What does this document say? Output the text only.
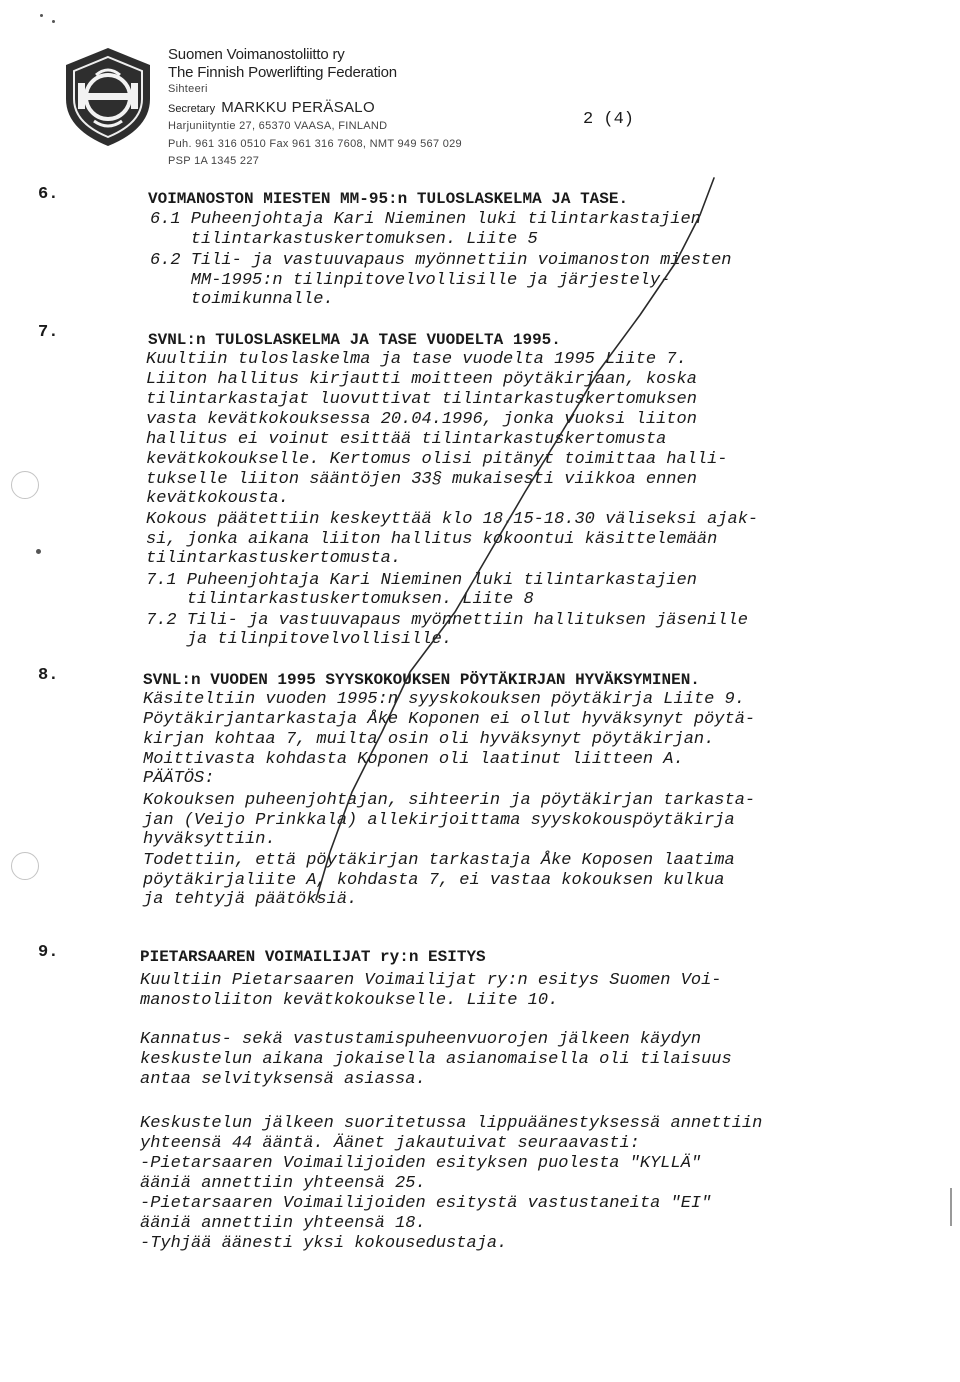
Suomen Voimanostoliitto ry
The Finnish Powerlifting Federation
Sihteeri
Secretary MARKKU PERÄSALO
Harjuniityntie 27, 65370 VAASA, FINLAND
Puh. 961 316 0510 Fax 961 316 7608, NMT 949 567 029
PSP 1A 1345 227
2 (4)
6.	VOIMANOSTON MIESTEN MM-95:n TULOSLASKELMA JA TASE.
6.1 Puheenjohtaja Kari Nieminen luki tilintarkastajien
tilintarkastuskertomuksen. Liite 5
6.2 Tili- ja vastuuvapaus myönnettiin voimanoston miesten
MM-1995:n tilinpitovelvollisille ja järjestely-
toimikunnalle.
7.	SVNL:n TULOSLASKELMA JA TASE VUODELTA 1995.
Kuultiin tuloslaskelma ja tase vuodelta 1995 Liite 7.
Liiton hallitus kirjautti moitteen pöytäkirjaan, koska
tilintarkastajat luovuttivat tilintarkastuskertomuksen
vasta kevätkokouksessa 20.04.1996, jonka vuoksi liiton
hallitus ei voinut esittää tilintarkastuskertomusta
kevätkokoukselle. Kertomus olisi pitänyt toimittaa halli-
tukselle liiton sääntöjen 33§ mukaisesti viikkoa ennen
kevätkokousta.
Kokous päätettiin keskeyttää klo 18.15-18.30 väliseksi ajak-
si, jonka aikana liiton hallitus kokoontui käsittelemään
tilintarkastuskertomusta.
7.1 Puheenjohtaja Kari Nieminen luki tilintarkastajien
tilintarkastuskertomuksen. Liite 8
7.2 Tili- ja vastuuvapaus myönnettiin hallituksen jäsenille
ja tilinpitovelvollisille.
8.	SVNL:n VUODEN 1995 SYYSKOKOUKSEN PÖYTÄKIRJAN HYVÄKSYMINEN.
Käsiteltiin vuoden 1995:n syyskokouksen pöytäkirja Liite 9.
Pöytäkirjantarkastaja Åke Koponen ei ollut hyväksynyt pöytä-
kirjan kohtaa 7, muilta osin oli hyväksynyt pöytäkirjan.
Moittivasta kohdasta Koponen oli laatinut liitteen A.
PÄÄTÖS:
Kokouksen puheenjohtajan, sihteerin ja pöytäkirjan tarkasta-
jan (Veijo Prinkkala) allekirjoittama syyskokouspöytäkirja
hyväksyttiin.
Todettiin, että pöytäkirjan tarkastaja Åke Koposen laatima
pöytäkirjaliite A, kohdasta 7, ei vastaa kokouksen kulkua
ja tehtyjä päätöksiä.
9.	PIETARSAAREN VOIMAILIJAT ry:n ESITYS
Kuultiin Pietarsaaren Voimailijat ry:n esitys Suomen Voi-
manostoliiton kevätkokoukselle. Liite 10.
Kannatus- sekä vastustamispuheenvuorojen jälkeen käydyn
keskustelun aikana jokaisella asianomaisella oli tilaisuus
antaa selvityksensä asiassa.
Keskustelun jälkeen suoritetussa lippuäänestyksessä annettiin
yhteensä 44 ääntä. Äänet jakautuivat seuraavasti:
-Pietarsaaren Voimailijoiden esityksen puolesta "KYLLÄ"
ääniä annettiin yhteensä 25.
-Pietarsaaren Voimailijoiden esitystä vastustaneita "EI"
ääniä annettiin yhteensä 18.
-Tyhjää äänesti yksi kokousedustaja.
